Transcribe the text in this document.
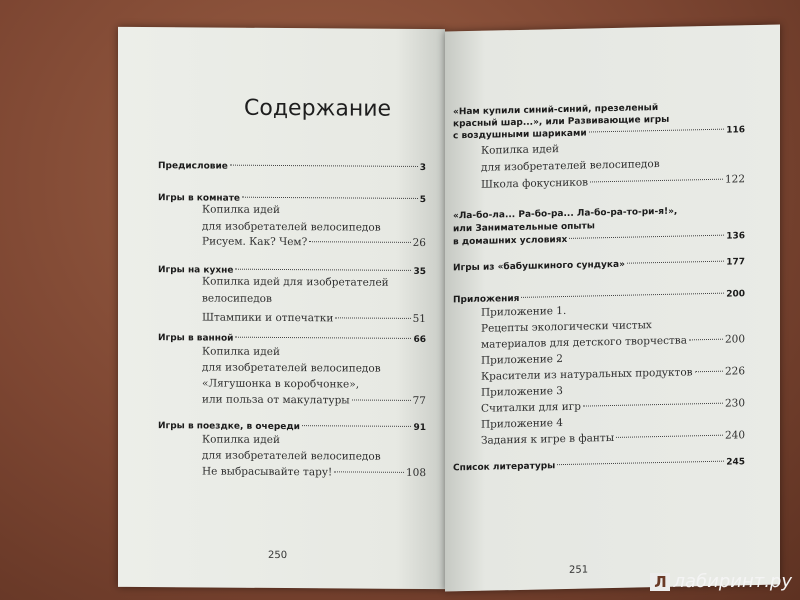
Содержание
Предисловие	3
Игры в комнате	5
Копилка идей
для изобретателей велосипедов
Рисуем. Как? Чем?	26
Игры на кухне	35
Копилка идей для изобретателей
велосипедов
Штампики и отпечатки	51
Игры в ванной	66
Копилка идей
для изобретателей велосипедов
«Лягушонка в коробчонке»,
или польза от макулатуры	77
Игры в поездке, в очереди	91
Копилка идей
для изобретателей велосипедов
Не выбрасывайте тару!	108
250
«Нам купили синий-синий, презеленый
красный шар...», или Развивающие игры
с воздушными шариками	116
Копилка идей
для изобретателей велосипедов
Школа фокусников	122
«Ла-бо-ла... Ра-бо-ра... Ла-бо-ра-то-ри-я!»,
или Занимательные опыты
в домашних условиях	136
Игры из «бабушкиного сундука»	177
Приложения	200
Приложение 1.
Рецепты экологически чистых
материалов для детского творчества	200
Приложение 2
Красители из натуральных продуктов	226
Приложение 3
Считалки для игр	230
Приложение 4
Задания к игре в фанты	240
Список литературы	245
251
Л лабиринт.ру
